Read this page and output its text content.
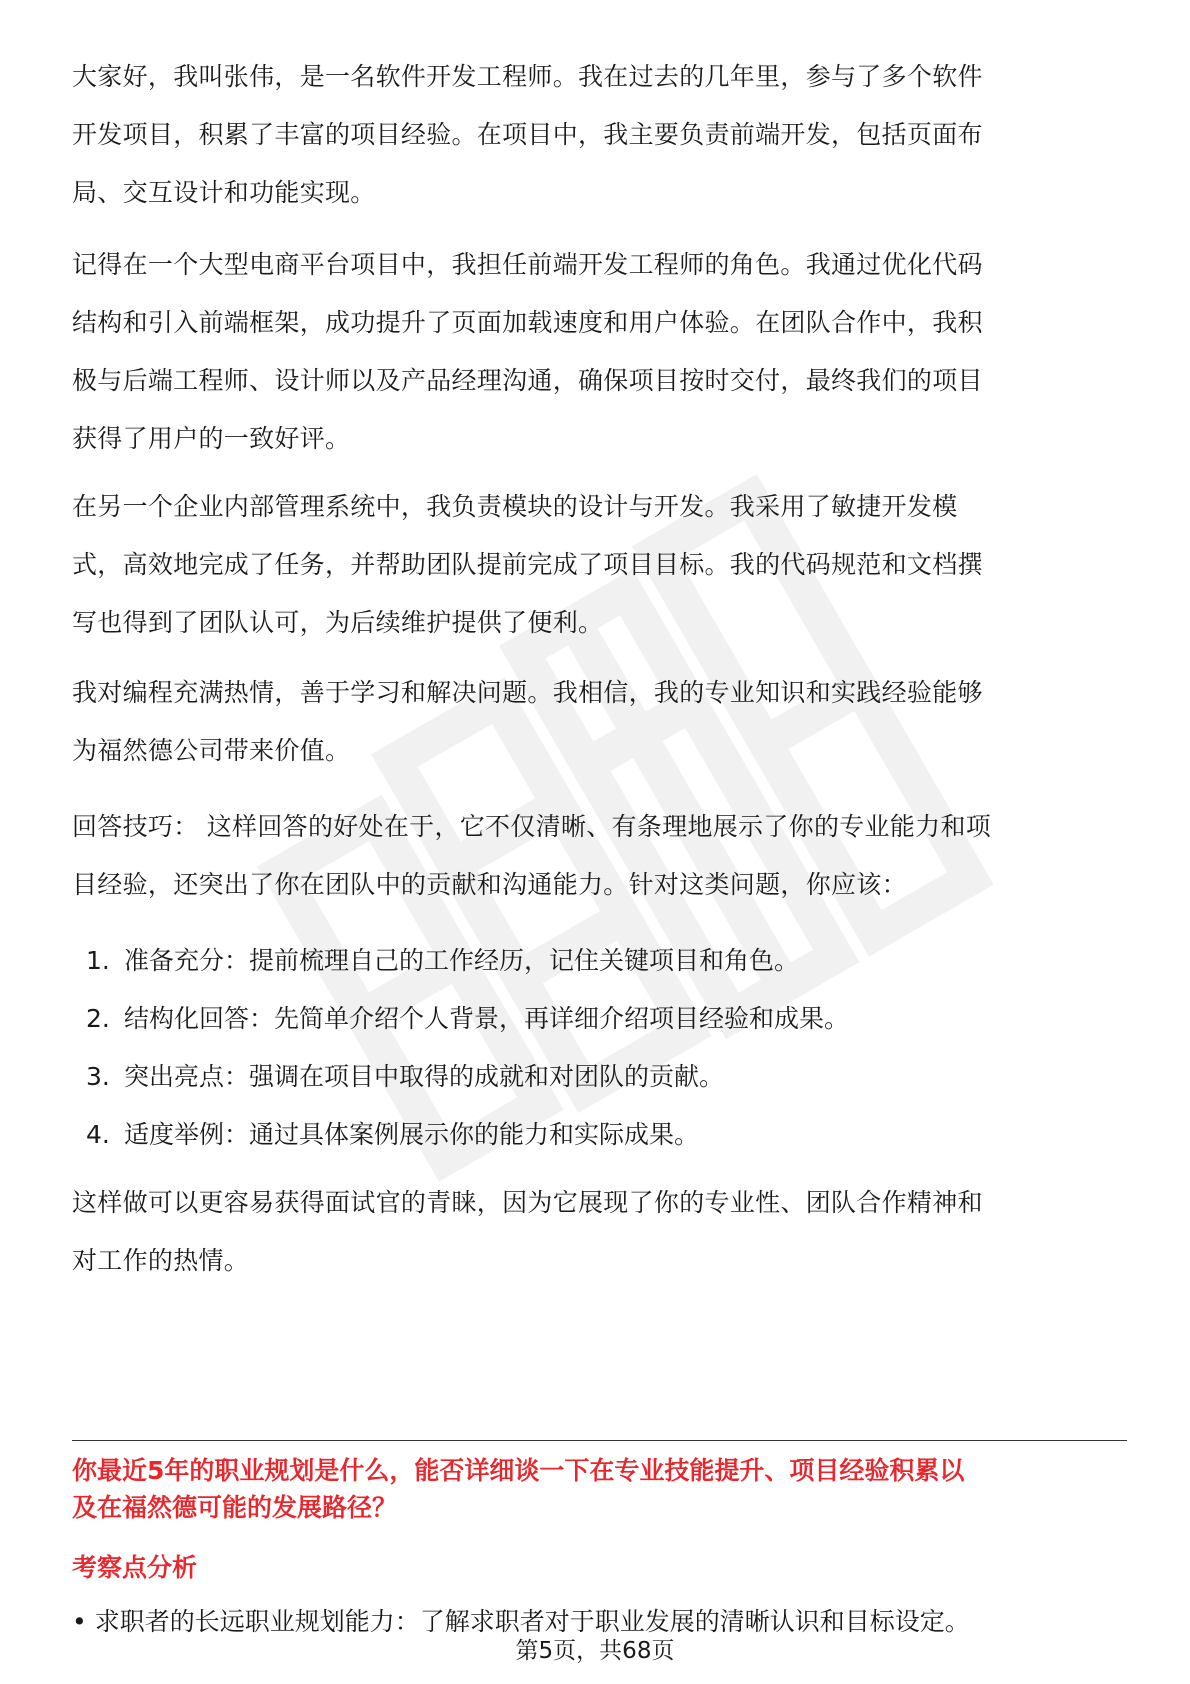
大家好，我叫张伟，是一名软件开发工程师。我在过去的几年里，参与了多个软件
开发项目，积累了丰富的项目经验。在项目中，我主要负责前端开发，包括页面布
局、交互设计和功能实现。

记得在一个大型电商平台项目中，我担任前端开发工程师的角色。我通过优化代码
结构和引入前端框架，成功提升了页面加载速度和用户体验。在团队合作中，我积
极与后端工程师、设计师以及产品经理沟通，确保项目按时交付，最终我们的项目
获得了用户的一致好评。

在另一个企业内部管理系统中，我负责模块的设计与开发。我采用了敏捷开发模
式，高效地完成了任务，并帮助团队提前完成了项目目标。我的代码规范和文档撰
写也得到了团队认可，为后续维护提供了便利。

我对编程充满热情，善于学习和解决问题。我相信，我的专业知识和实践经验能够
为福然德公司带来价值。

回答技巧： 这样回答的好处在于，它不仅清晰、有条理地展示了你的专业能力和项
目经验，还突出了你在团队中的贡献和沟通能力。针对这类问题，你应该：

1. 准备充分：提前梳理自己的工作经历，记住关键项目和角色。
2. 结构化回答：先简单介绍个人背景，再详细介绍项目经验和成果。
3. 突出亮点：强调在项目中取得的成就和对团队的贡献。
4. 适度举例：通过具体案例展示你的能力和实际成果。

这样做可以更容易获得面试官的青睐，因为它展现了你的专业性、团队合作精神和
对工作的热情。

你最近5年的职业规划是什么，能否详细谈一下在专业技能提升、项目经验积累以
及在福然德可能的发展路径？

考察点分析
• 求职者的长远职业规划能力：了解求职者对于职业发展的清晰认识和目标设定。
第5页，共68页
